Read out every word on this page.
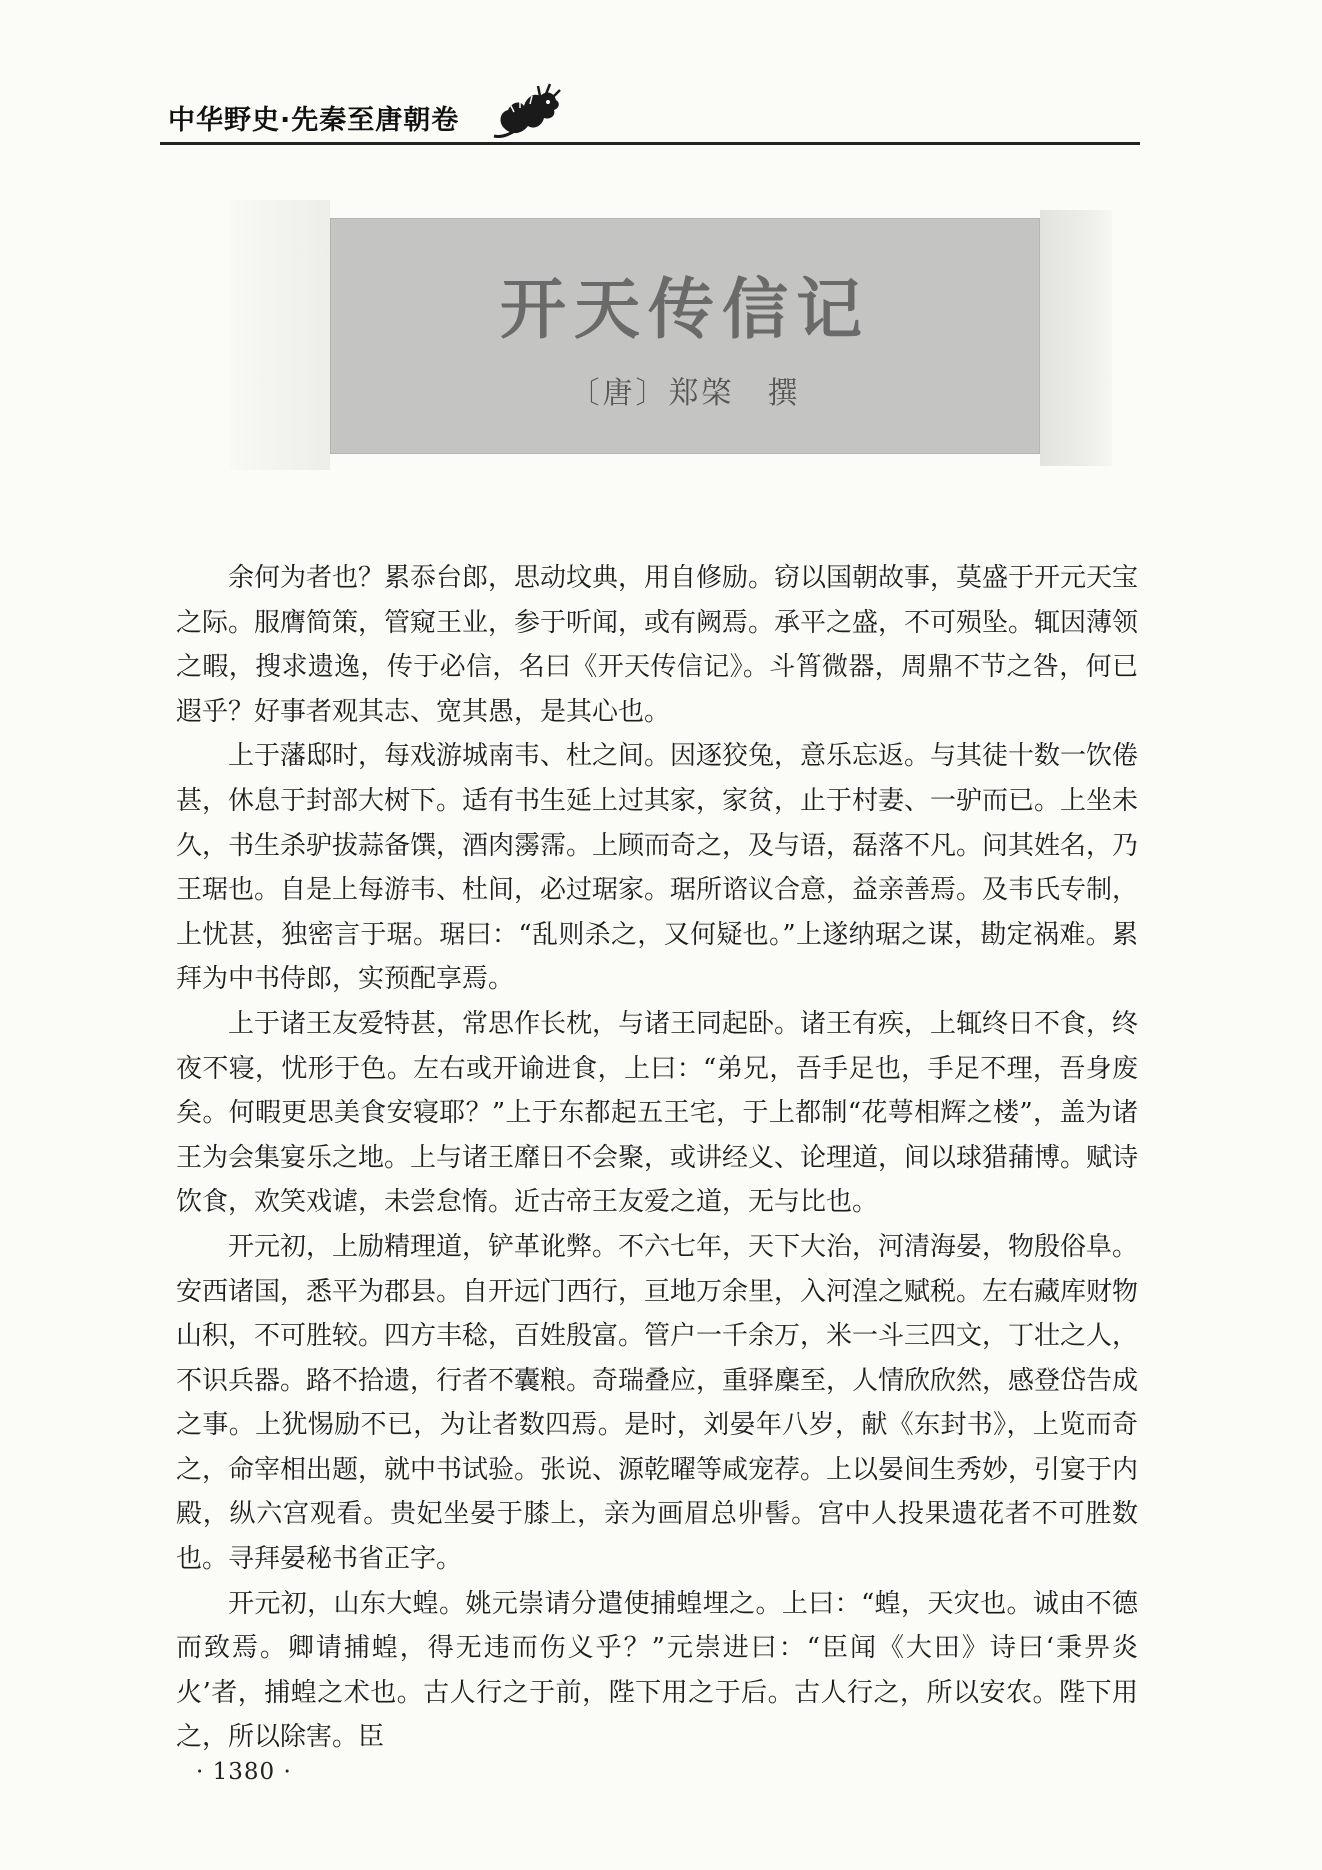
中华野史·先秦至唐朝卷
开天传信记
〔唐〕郑棨　撰

余何为者也？累忝台郎，思动坟典，用自修励。窃以国朝故事，莫盛于开元天宝之际。服膺简策，管窥王业，参于听闻，或有阙焉。承平之盛，不可殒坠。辄因薄领之暇，搜求遗逸，传于必信，名曰《开天传信记》。斗筲微器，周鼎不节之咎，何已遐乎？好事者观其志、宽其愚，是其心也。

上于藩邸时，每戏游城南韦、杜之间。因逐狡兔，意乐忘返。与其徒十数一饮倦甚，休息于封部大树下。适有书生延上过其家，家贫，止于村妻、一驴而已。上坐未久，书生杀驴拔蒜备馔，酒肉霶霈。上顾而奇之，及与语，磊落不凡。问其姓名，乃王琚也。自是上每游韦、杜间，必过琚家。琚所谘议合意，益亲善焉。及韦氏专制，上忧甚，独密言于琚。琚曰：“乱则杀之，又何疑也。”上遂纳琚之谋，勘定祸难。累拜为中书侍郎，实预配享焉。

上于诸王友爱特甚，常思作长枕，与诸王同起卧。诸王有疾，上辄终日不食，终夜不寝，忧形于色。左右或开谕进食，上曰：“弟兄，吾手足也，手足不理，吾身废矣。何暇更思美食安寝耶？”上于东都起五王宅，于上都制“花萼相辉之楼”，盖为诸王为会集宴乐之地。上与诸王靡日不会聚，或讲经义、论理道，间以球猎蒱博。赋诗饮食，欢笑戏谑，未尝怠惰。近古帝王友爱之道，无与比也。

开元初，上励精理道，铲革讹弊。不六七年，天下大治，河清海晏，物殷俗阜。安西诸国，悉平为郡县。自开远门西行，亘地万余里，入河湟之赋税。左右藏库财物山积，不可胜较。四方丰稔，百姓殷富。管户一千余万，米一斗三四文，丁壮之人，不识兵器。路不拾遗，行者不囊粮。奇瑞叠应，重驿麇至，人情欣欣然，感登岱告成之事。上犹惕励不已，为让者数四焉。是时，刘晏年八岁，献《东封书》，上览而奇之，命宰相出题，就中书试验。张说、源乾曜等咸宠荐。上以晏间生秀妙，引宴于内殿，纵六宫观看。贵妃坐晏于膝上，亲为画眉总丱髻。宫中人投果遗花者不可胜数也。寻拜晏秘书省正字。

开元初，山东大蝗。姚元崇请分遣使捕蝗埋之。上曰：“蝗，天灾也。诚由不德而致焉。卿请捕蝗，得无违而伤义乎？”元崇进曰：“臣闻《大田》诗曰‘秉畀炎火’者，捕蝗之术也。古人行之于前，陛下用之于后。古人行之，所以安农。陛下用之，所以除害。臣

· 1380 ·
